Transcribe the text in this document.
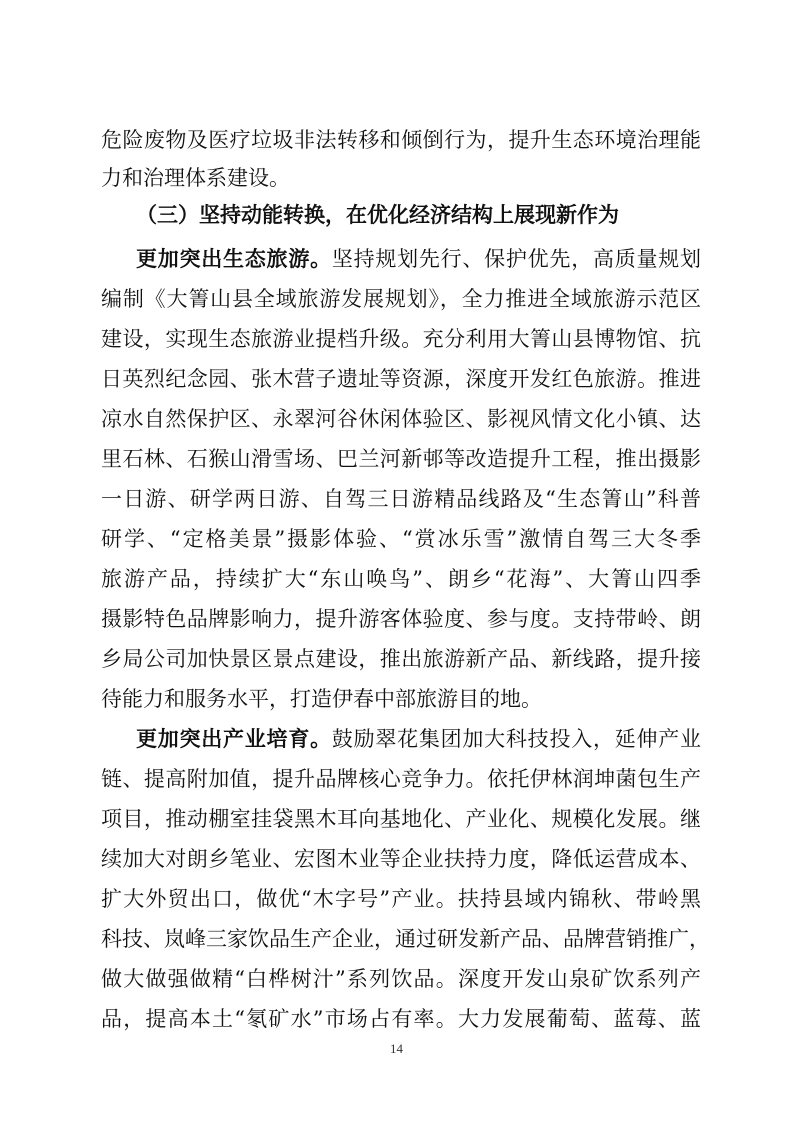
危险废物及医疗垃圾非法转移和倾倒行为，提升生态环境治理能
力和治理体系建设。
（三）坚持动能转换，在优化经济结构上展现新作为
更加突出生态旅游。坚持规划先行、保护优先，高质量规划
编制《大箐山县全域旅游发展规划》，全力推进全域旅游示范区
建设，实现生态旅游业提档升级。充分利用大箐山县博物馆、抗
日英烈纪念园、张木营子遗址等资源，深度开发红色旅游。推进
凉水自然保护区、永翠河谷休闲体验区、影视风情文化小镇、达
里石林、石猴山滑雪场、巴兰河新邨等改造提升工程，推出摄影
一日游、研学两日游、自驾三日游精品线路及“生态箐山”科普
研学、“定格美景”摄影体验、“赏冰乐雪”激情自驾三大冬季
旅游产品，持续扩大“东山唤鸟”、朗乡“花海”、大箐山四季
摄影特色品牌影响力，提升游客体验度、参与度。支持带岭、朗
乡局公司加快景区景点建设，推出旅游新产品、新线路，提升接
待能力和服务水平，打造伊春中部旅游目的地。
更加突出产业培育。鼓励翠花集团加大科技投入，延伸产业
链、提高附加值，提升品牌核心竞争力。依托伊林润坤菌包生产
项目，推动棚室挂袋黑木耳向基地化、产业化、规模化发展。继
续加大对朗乡笔业、宏图木业等企业扶持力度，降低运营成本、
扩大外贸出口，做优“木字号”产业。扶持县域内锦秋、带岭黑
科技、岚峰三家饮品生产企业，通过研发新产品、品牌营销推广，
做大做强做精“白桦树汁”系列饮品。深度开发山泉矿饮系列产
品，提高本土“氡矿水”市场占有率。大力发展葡萄、蓝莓、蓝
14
